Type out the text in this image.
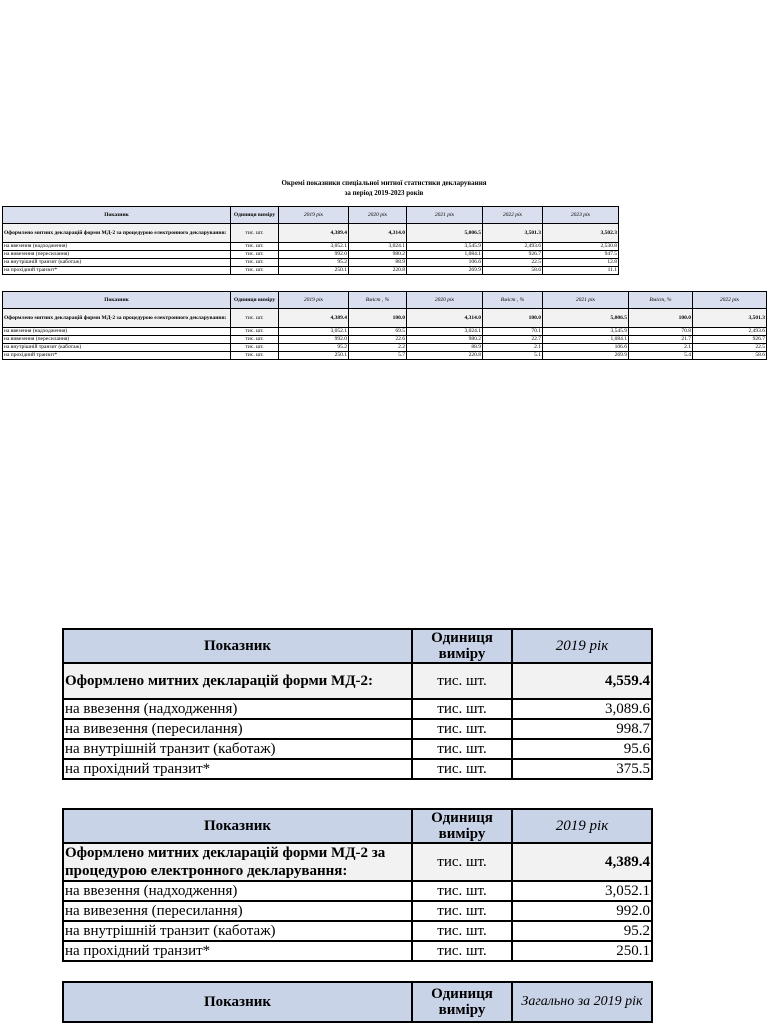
Окремі показники спеціальної митної статистики декларування
за період 2019-2023 років
Показник	Одиниця виміру	2019 рік	2020 рік	2021 рік	2022 рік	2023 рік
Оформлено митних декларацій форми МД-2 за процедурою електронного декларування:	тис. шт.	4,389.4	4,314.0	5,006.5	3,501.3	3,502.3
на ввезення (надходження)	тис. шт.	3,052.1	3,024.1	3,545.9	2,493.6	2,530.8
на вивезення (пересилання)	тис. шт.	992.0	980.2	1,084.1	926.7	947.5
на внутрішній транзит (каботаж)	тис. шт.	95.2	88.9	106.6	22.5	12.8
на прохідний транзит*	тис. шт.	250.1	220.8	269.9	58.6	11.1
Показник	Одиниця виміру	2019 рік	Вміст , %	2020 рік	Вміст , %	2021 рік	Вміст, %	2022 рік
Оформлено митних декларацій форми МД-2 за процедурою електронного декларування:	тис. шт.	4,389.4	100.0	4,314.0	100.0	5,006.5	100.0	3,501.3
на ввезення (надходження)	тис. шт.	3,052.1	69.5	3,024.1	70.1	3,545.9	70.8	2,493.6
на вивезення (пересилання)	тис. шт.	992.0	22.6	980.2	22.7	1,084.1	21.7	926.7
на внутрішній транзит (каботаж)	тис. шт.	95.2	2.2	88.9	2.1	106.6	2.1	22.5
на прохідний транзит*	тис. шт.	250.1	5.7	220.8	5.1	269.9	5.4	58.6
Показник	Одиниця виміру	2019 рік
Оформлено митних декларацій форми МД-2:	тис. шт.	4,559.4
на ввезення (надходження)	тис. шт.	3,089.6
на вивезення (пересилання)	тис. шт.	998.7
на внутрішній транзит (каботаж)	тис. шт.	95.6
на прохідний транзит*	тис. шт.	375.5
Показник	Одиниця виміру	2019 рік
Оформлено митних декларацій форми МД-2 за процедурою електронного декларування:	тис. шт.	4,389.4
на ввезення (надходження)	тис. шт.	3,052.1
на вивезення (пересилання)	тис. шт.	992.0
на внутрішній транзит (каботаж)	тис. шт.	95.2
на прохідний транзит*	тис. шт.	250.1
Показник	Одиниця виміру	Загально за 2019 рік
